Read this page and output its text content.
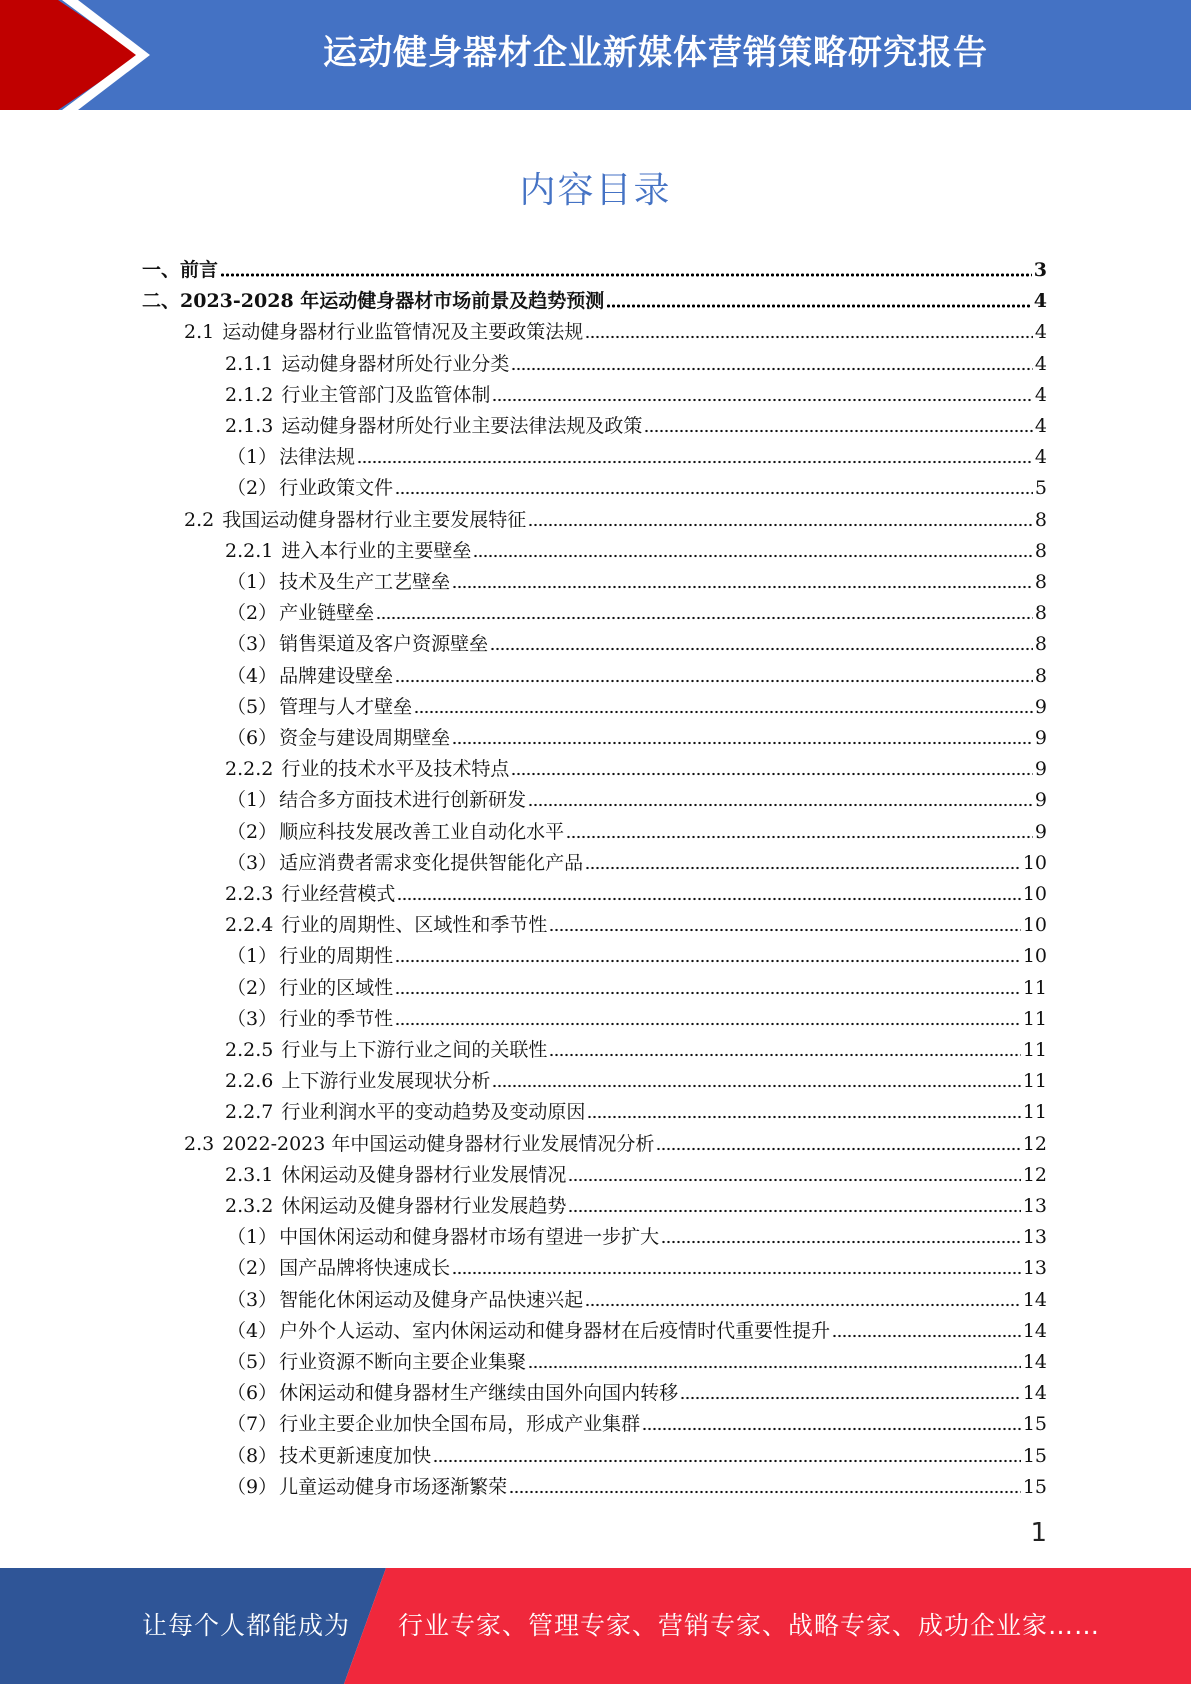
运动健身器材企业新媒体营销策略研究报告
内容目录
一、 前言	3
二、 2023-2028 年运动健身器材市场前景及趋势预测	4
2.1 运动健身器材行业监管情况及主要政策法规	4
2.1.1 运动健身器材所处行业分类	4
2.1.2 行业主管部门及监管体制	4
2.1.3 运动健身器材所处行业主要法律法规及政策	4
（1） 法律法规	4
（2） 行业政策文件	5
2.2 我国运动健身器材行业主要发展特征	8
2.2.1 进入本行业的主要壁垒	8
（1） 技术及生产工艺壁垒	8
（2） 产业链壁垒	8
（3） 销售渠道及客户资源壁垒	8
（4） 品牌建设壁垒	8
（5） 管理与人才壁垒	9
（6） 资金与建设周期壁垒	9
2.2.2 行业的技术水平及技术特点	9
（1） 结合多方面技术进行创新研发	9
（2） 顺应科技发展改善工业自动化水平	9
（3） 适应消费者需求变化提供智能化产品	10
2.2.3 行业经营模式	10
2.2.4 行业的周期性、区域性和季节性	10
（1） 行业的周期性	10
（2） 行业的区域性	11
（3） 行业的季节性	11
2.2.5 行业与上下游行业之间的关联性	11
2.2.6 上下游行业发展现状分析	11
2.2.7 行业利润水平的变动趋势及变动原因	11
2.3 2022-2023 年中国运动健身器材行业发展情况分析	12
2.3.1 休闲运动及健身器材行业发展情况	12
2.3.2 休闲运动及健身器材行业发展趋势	13
（1） 中国休闲运动和健身器材市场有望进一步扩大	13
（2） 国产品牌将快速成长	13
（3） 智能化休闲运动及健身产品快速兴起	14
（4） 户外个人运动、室内休闲运动和健身器材在后疫情时代重要性提升	14
（5） 行业资源不断向主要企业集聚	14
（6） 休闲运动和健身器材生产继续由国外向国内转移	14
（7） 行业主要企业加快全国布局，形成产业集群	15
（8） 技术更新速度加快	15
（9） 儿童运动健身市场逐渐繁荣	15
1
让每个人都能成为 行业专家、管理专家、营销专家、战略专家、成功企业家……
